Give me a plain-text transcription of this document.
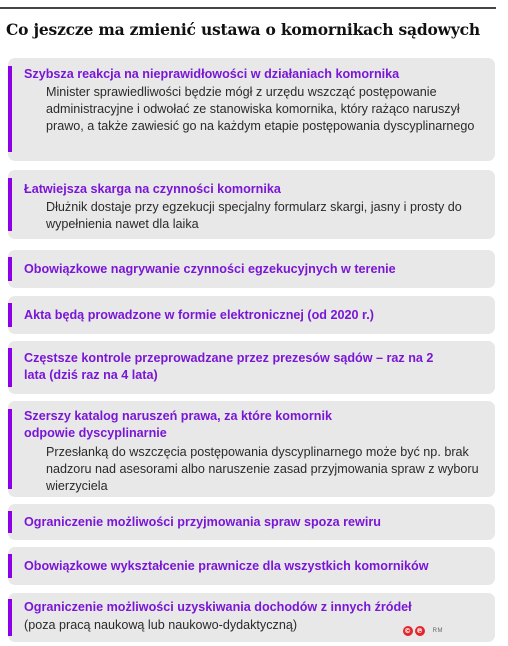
Co jeszcze ma zmienić ustawa o komornikach sądowych
Szybsza reakcja na nieprawidłowości w działaniach komornika
Minister sprawiedliwości będzie mógł z urzędu wszcząć postępowanie administracyjne i odwołać ze stanowiska komornika, który rażąco naruszył prawo, a także zawiesić go na każdym etapie postępowania dyscyplinarnego
Łatwiejsza skarga na czynności komornika
Dłużnik dostaje przy egzekucji specjalny formularz skargi, jasny i prosty do wypełnienia nawet dla laika
Obowiązkowe nagrywanie czynności egzekucyjnych w terenie
Akta będą prowadzone w formie elektronicznej (od 2020 r.)
Częstsze kontrole przeprowadzane przez prezesów sądów – raz na 2 lata (dziś raz na 4 lata)
Szerszy katalog naruszeń prawa, za które komornik odpowie dyscyplinarnie
Przesłanką do wszczęcia postępowania dyscyplinarnego może być np. brak nadzoru nad asesorami albo naruszenie zasad przyjmowania spraw z wyboru wierzyciela
Ograniczenie możliwości przyjmowania spraw spoza rewiru
Obowiązkowe wykształcenie prawnicze dla wszystkich komorników
Ograniczenie możliwości uzyskiwania dochodów z innych źródeł
(poza pracą naukową lub naukowo-dydaktyczną)	© ℗ RM
